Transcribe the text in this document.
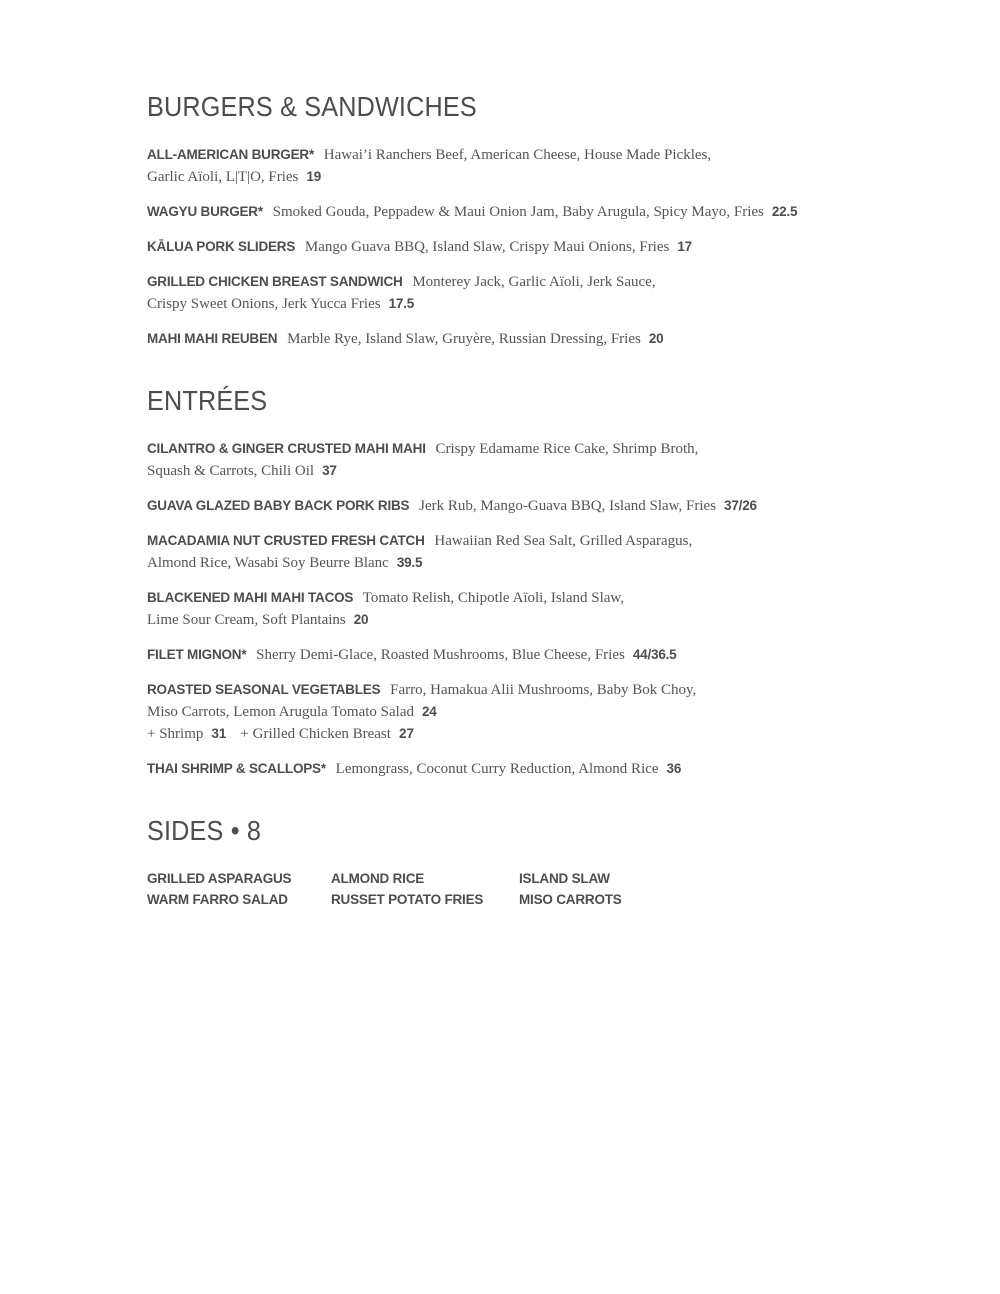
BURGERS & SANDWICHES
ALL-AMERICAN BURGER* Hawai’i Ranchers Beef, American Cheese, House Made Pickles,
Garlic Aïoli, L|T|O, Fries 19
WAGYU BURGER* Smoked Gouda, Peppadew & Maui Onion Jam, Baby Arugula, Spicy Mayo, Fries 22.5
KĀLUA PORK SLIDERS Mango Guava BBQ, Island Slaw, Crispy Maui Onions, Fries 17
GRILLED CHICKEN BREAST SANDWICH Monterey Jack, Garlic Aïoli, Jerk Sauce,
Crispy Sweet Onions, Jerk Yucca Fries 17.5
MAHI MAHI REUBEN Marble Rye, Island Slaw, Gruyère, Russian Dressing, Fries 20
ENTRÉES
CILANTRO & GINGER CRUSTED MAHI MAHI Crispy Edamame Rice Cake, Shrimp Broth,
Squash & Carrots, Chili Oil 37
GUAVA GLAZED BABY BACK PORK RIBS Jerk Rub, Mango-Guava BBQ, Island Slaw, Fries 37/26
MACADAMIA NUT CRUSTED FRESH CATCH Hawaiian Red Sea Salt, Grilled Asparagus,
Almond Rice, Wasabi Soy Beurre Blanc 39.5
BLACKENED MAHI MAHI TACOS Tomato Relish, Chipotle Aïoli, Island Slaw,
Lime Sour Cream, Soft Plantains 20
FILET MIGNON* Sherry Demi-Glace, Roasted Mushrooms, Blue Cheese, Fries 44/36.5
ROASTED SEASONAL VEGETABLES Farro, Hamakua Alii Mushrooms, Baby Bok Choy,
Miso Carrots, Lemon Arugula Tomato Salad 24
+ Shrimp 31 + Grilled Chicken Breast 27
THAI SHRIMP & SCALLOPS* Lemongrass, Coconut Curry Reduction, Almond Rice 36
SIDES • 8
GRILLED ASPARAGUS	ALMOND RICE	ISLAND SLAW
WARM FARRO SALAD	RUSSET POTATO FRIES	MISO CARROTS
